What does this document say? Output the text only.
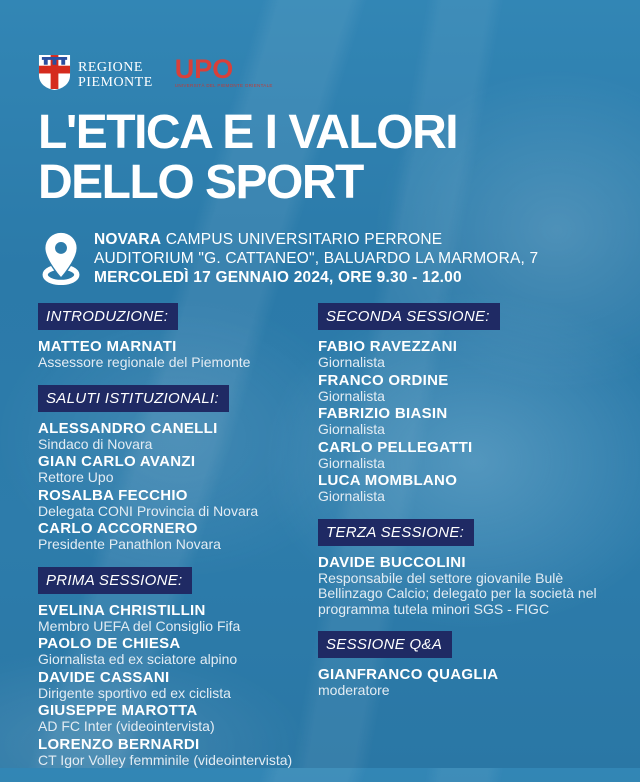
REGIONE
PIEMONTE UPO
UNIVERSITÀ DEL PIEMONTE ORIENTALE
L'ETICA E I VALORI
DELLO SPORT
NOVARA CAMPUS UNIVERSITARIO PERRONE
AUDITORIUM "G. CATTANEO", BALUARDO LA MARMORA, 7
MERCOLEDÌ 17 GENNAIO 2024, ORE 9.30 - 12.00
INTRODUZIONE:
MATTEO MARNATI
Assessore regionale del Piemonte
SALUTI ISTITUZIONALI:
ALESSANDRO CANELLI
Sindaco di Novara
GIAN CARLO AVANZI
Rettore Upo
ROSALBA FECCHIO
Delegata CONI Provincia di Novara
CARLO ACCORNERO
Presidente Panathlon Novara
PRIMA SESSIONE:
EVELINA CHRISTILLIN
Membro UEFA del Consiglio Fifa
PAOLO DE CHIESA
Giornalista ed ex sciatore alpino
DAVIDE CASSANI
Dirigente sportivo ed ex ciclista
GIUSEPPE MAROTTA
AD FC Inter (videointervista)
LORENZO BERNARDI
CT Igor Volley femminile (videointervista)
SECONDA SESSIONE:
FABIO RAVEZZANI
Giornalista
FRANCO ORDINE
Giornalista
FABRIZIO BIASIN
Giornalista
CARLO PELLEGATTI
Giornalista
LUCA MOMBLANO
Giornalista
TERZA SESSIONE:
DAVIDE BUCCOLINI
Responsabile del settore giovanile Bulè Bellinzago Calcio; delegato per la società nel programma tutela minori SGS - FIGC
SESSIONE Q&A
GIANFRANCO QUAGLIA
moderatore
